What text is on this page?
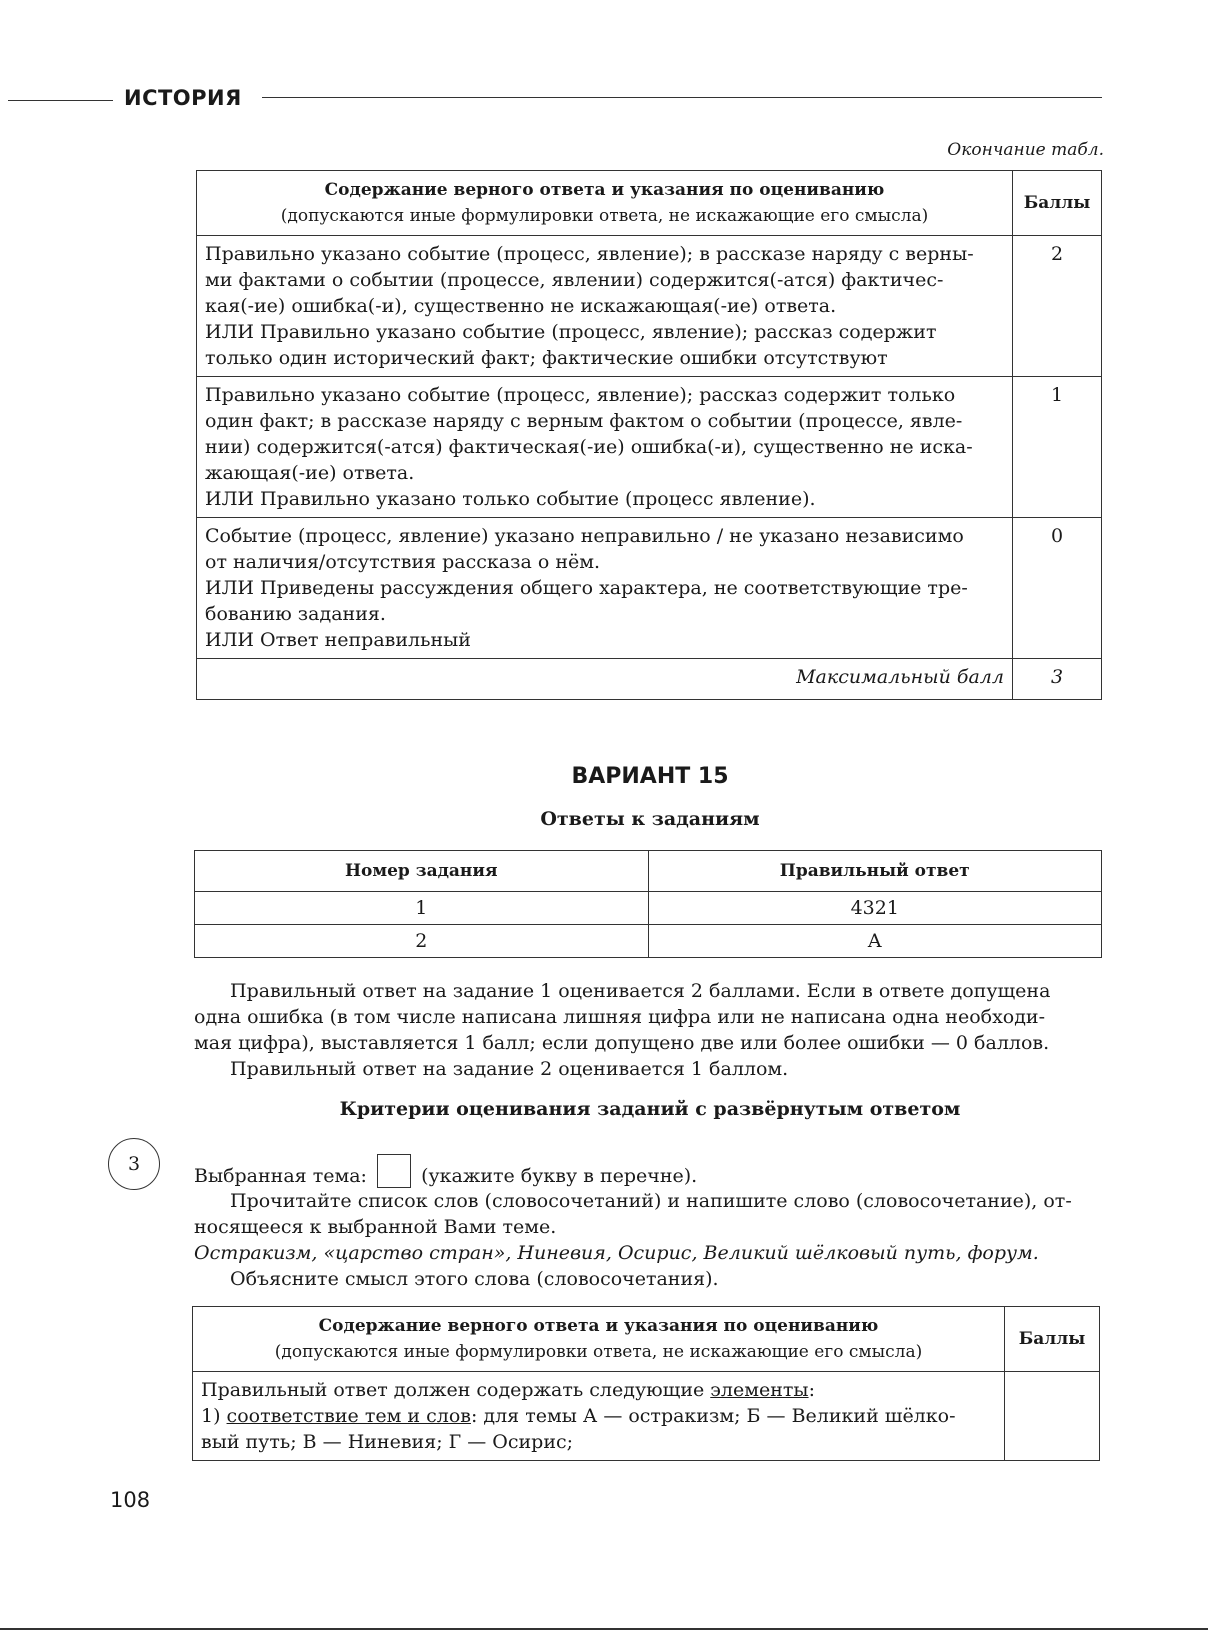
ИСТОРИЯ
Окончание табл.
Содержание верного ответа и указания по оцениванию
(допускаются иные формулировки ответа, не искажающие его смысла)	Баллы

Правильно указано событие (процесс, явление); в рассказе наряду с верны-
ми фактами о событии (процессе, явлении) содержится(-атся) фактичес-
кая(-ие) ошибка(-и), существенно не искажающая(-ие) ответа.
ИЛИ Правильно указано событие (процесс, явление); рассказ содержит
только один исторический факт; фактические ошибки отсутствуют	2

Правильно указано событие (процесс, явление); рассказ содержит только
один факт; в рассказе наряду с верным фактом о событии (процессе, явле-
нии) содержится(-атся) фактическая(-ие) ошибка(-и), существенно не иска-
жающая(-ие) ответа.
ИЛИ Правильно указано только событие (процесс явление).	1

Событие (процесс, явление) указано неправильно / не указано независимо
от наличия/отсутствия рассказа о нём.
ИЛИ Приведены рассуждения общего характера, не соответствующие тре-
бованию задания.
ИЛИ Ответ неправильный	0
Максимальный балл	3
ВАРИАНТ 15
Ответы к заданиям
Номер задания	Правильный ответ
1	4321
2	А
Правильный ответ на задание 1 оценивается 2 баллами. Если в ответе допущена
одна ошибка (в том числе написана лишняя цифра или не написана одна необходи-
мая цифра), выставляется 1 балл; если допущено две или более ошибки — 0 баллов.
Правильный ответ на задание 2 оценивается 1 баллом.
Критерии оценивания заданий с развёрнутым ответом
3
Выбранная тема:	(укажите букву в перечне).
Прочитайте список слов (словосочетаний) и напишите слово (словосочетание), от-
носящееся к выбранной Вами теме.
Остракизм, «царство стран», Ниневия, Осирис, Великий шёлковый путь, форум.
Объясните смысл этого слова (словосочетания).
Содержание верного ответа и указания по оцениванию
(допускаются иные формулировки ответа, не искажающие его смысла)	Баллы

Правильный ответ должен содержать следующие элементы:
1) соответствие тем и слов: для темы А — остракизм; Б — Великий шёлко-
вый путь; В — Ниневия; Г — Осирис;	

108
